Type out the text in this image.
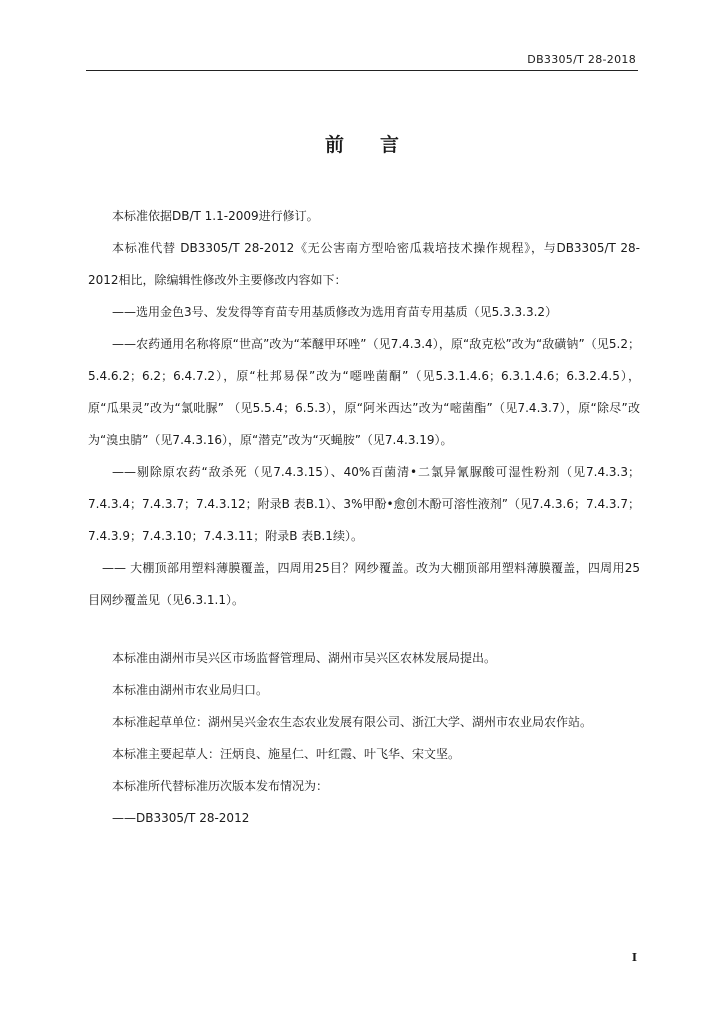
DB3305/T 28-2018
前言

本标准依据DB/T 1.1-2009进行修订。

本标准代替 DB3305/T 28-2012《无公害南方型哈密瓜栽培技术操作规程》，与DB3305/T 28-2012相比，除编辑性修改外主要修改内容如下：

——选用金色3号、发发得等育苗专用基质修改为选用育苗专用基质（见5.3.3.3.2）

——农药通用名称将原“世高”改为“苯醚甲环唑”（见7.4.3.4），原“敌克松”改为“敌磺钠”（见5.2；5.4.6.2；6.2；6.4.7.2），原“杜邦易保”改为“噁唑菌酮”（见5.3.1.4.6；6.3.1.4.6；6.3.2.4.5），原“瓜果灵”改为“氯吡脲” （见5.5.4；6.5.3），原“阿米西达”改为“嘧菌酯”（见7.4.3.7），原“除尽”改为“溴虫腈”（见7.4.3.16），原“潜克”改为“灭蝇胺”（见7.4.3.19）。

——剔除原农药“敌杀死（见7.4.3.15）、40%百菌清•二氯异氰脲酸可湿性粉剂（见7.4.3.3；7.4.3.4；7.4.3.7；7.4.3.12；附录B 表B.1）、3%甲酚•愈创木酚可溶性液剂”（见7.4.3.6；7.4.3.7；7.4.3.9；7.4.3.10；7.4.3.11；附录B 表B.1续）。

—— 大棚顶部用塑料薄膜覆盖，四周用25目？网纱覆盖。改为大棚顶部用塑料薄膜覆盖，四周用25目网纱覆盖见（见6.3.1.1）。

本标准由湖州市吴兴区市场监督管理局、湖州市吴兴区农林发展局提出。

本标准由湖州市农业局归口。

本标准起草单位：湖州吴兴金农生态农业发展有限公司、浙江大学、湖州市农业局农作站。

本标准主要起草人：汪炳良、施星仁、叶红霞、叶飞华、宋文坚。

本标准所代替标准历次版本发布情况为：

——DB3305/T 28-2012

I
